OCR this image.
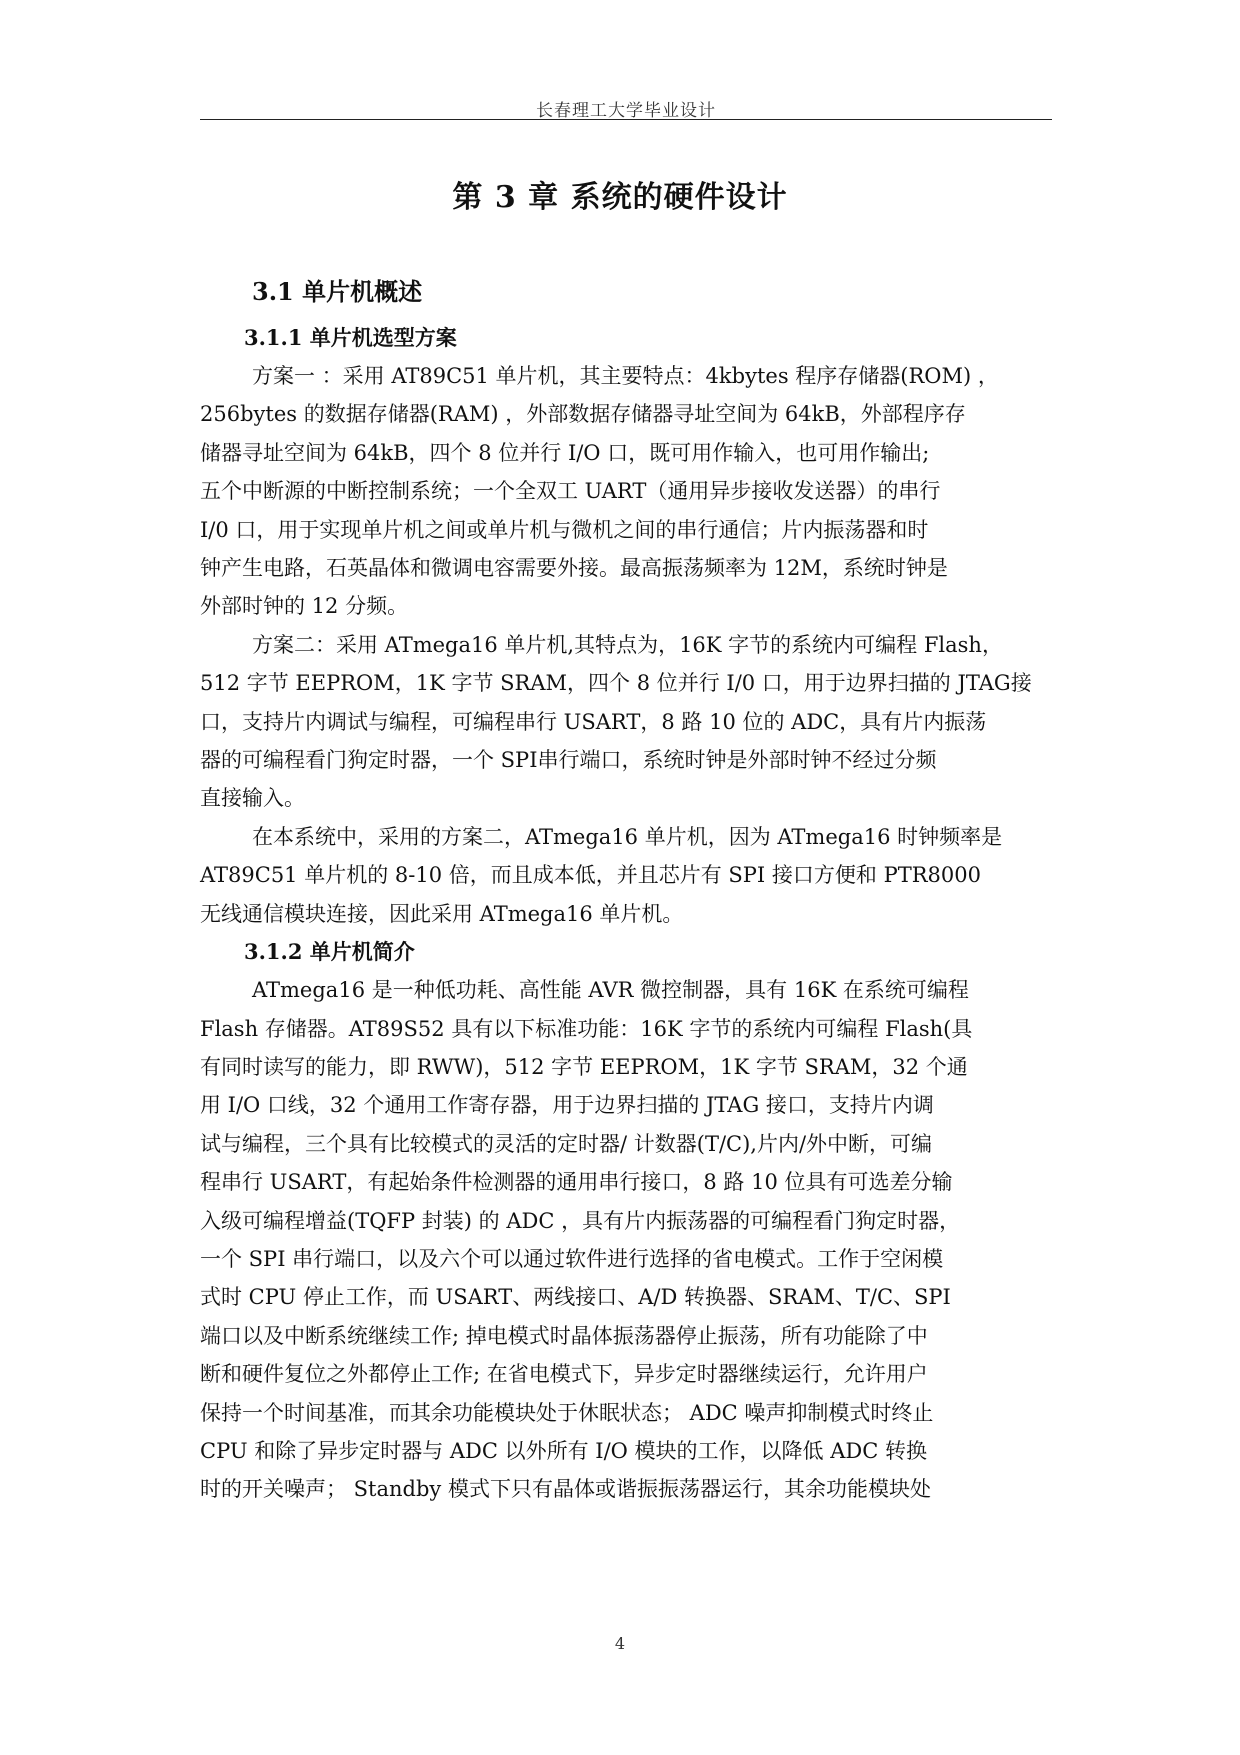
长春理工大学毕业设计
第 3 章 系统的硬件设计
3.1 单片机概述
3.1.1 单片机选型方案
方案一 ：采用 AT89C51 单片机，其主要特点：4kbytes 程序存储器(ROM) ，
256bytes 的数据存储器(RAM) ，外部数据存储器寻址空间为 64kB，外部程序存
储器寻址空间为 64kB，四个 8 位并行 I/O 口，既可用作输入，也可用作输出;
五个中断源的中断控制系统；一个全双工 UART（通用异步接收发送器）的串行
I/0 口，用于实现单片机之间或单片机与微机之间的串行通信；片内振荡器和时
钟产生电路，石英晶体和微调电容需要外接。最高振荡频率为 12M，系统时钟是
外部时钟的 12 分频。
方案二：采用 ATmega16 单片机,其特点为，16K 字节的系统内可编程 Flash，
512 字节 EEPROM，1K 字节 SRAM，四个 8 位并行 I/0 口，用于边界扫描的 JTAG接
口，支持片内调试与编程，可编程串行 USART，8 路 10 位的 ADC，具有片内振荡
器的可编程看门狗定时器，一个 SPI串行端口，系统时钟是外部时钟不经过分频
直接输入。
在本系统中，采用的方案二，ATmega16 单片机，因为 ATmega16 时钟频率是
AT89C51 单片机的 8-10 倍，而且成本低，并且芯片有 SPI 接口方便和 PTR8000
无线通信模块连接，因此采用 ATmega16 单片机。
3.1.2 单片机简介
ATmega16 是一种低功耗、高性能 AVR 微控制器，具有 16K 在系统可编程
Flash 存储器。AT89S52 具有以下标准功能：16K 字节的系统内可编程 Flash(具
有同时读写的能力，即 RWW)，512 字节 EEPROM，1K 字节 SRAM，32 个通
用 I/O 口线，32 个通用工作寄存器，用于边界扫描的 JTAG 接口，支持片内调
试与编程，三个具有比较模式的灵活的定时器/ 计数器(T/C),片内/外中断，可编
程串行 USART，有起始条件检测器的通用串行接口，8 路 10 位具有可选差分输
入级可编程增益(TQFP 封装) 的 ADC ，具有片内振荡器的可编程看门狗定时器，
一个 SPI 串行端口，以及六个可以通过软件进行选择的省电模式。工作于空闲模
式时 CPU 停止工作，而 USART、两线接口、A/D 转换器、SRAM、T/C、SPI
端口以及中断系统继续工作; 掉电模式时晶体振荡器停止振荡，所有功能除了中
断和硬件复位之外都停止工作; 在省电模式下，异步定时器继续运行，允许用户
保持一个时间基准，而其余功能模块处于休眠状态； ADC 噪声抑制模式时终止
CPU 和除了异步定时器与 ADC 以外所有 I/O 模块的工作，以降低 ADC 转换
时的开关噪声； Standby 模式下只有晶体或谐振振荡器运行，其余功能模块处
4
